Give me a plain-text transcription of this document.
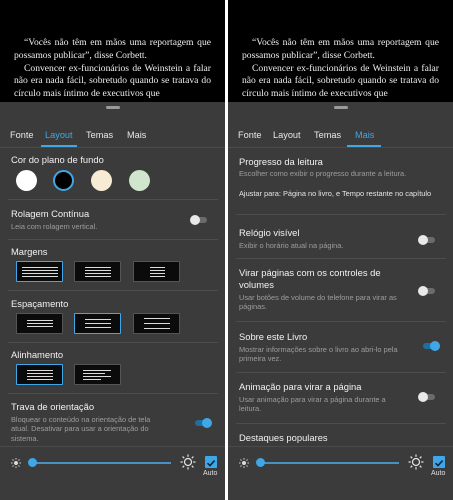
“Vocês não têm em mãos uma reportagem que possamos publicar”, disse Corbett.

Convencer ex-funcionários de Weinstein a falar não era nada fácil, sobretudo quando se tratava do círculo mais íntimo de executivos que

Fonte Layout Temas Mais
Cor do plano de fundo
Rolagem Contínua
Leia com rolagem vertical.
Margens
Espaçamento
Alinhamento
Trava de orientação
Bloquear o conteúdo na orientação de tela atual. Desativar para usar a orientação do sistema.
Auto

“Vocês não têm em mãos uma reportagem que possamos publicar”, disse Corbett.

Convencer ex-funcionários de Weinstein a falar não era nada fácil, sobretudo quando se tratava do círculo mais íntimo de executivos que

Fonte Layout Temas Mais
Progresso da leitura
Escolher como exibir o progresso durante a leitura.
Ajustar para: Página no livro, e Tempo restante no capítulo
Relógio visível
Exibir o horário atual na página.
Virar páginas com os controles de volumes
Usar botões de volume do telefone para virar as páginas.
Sobre este Livro
Mostrar informações sobre o livro ao abri-lo pela primeira vez.
Animação para virar a página
Usar animação para virar a página durante a leitura.
Destaques populares
Auto
